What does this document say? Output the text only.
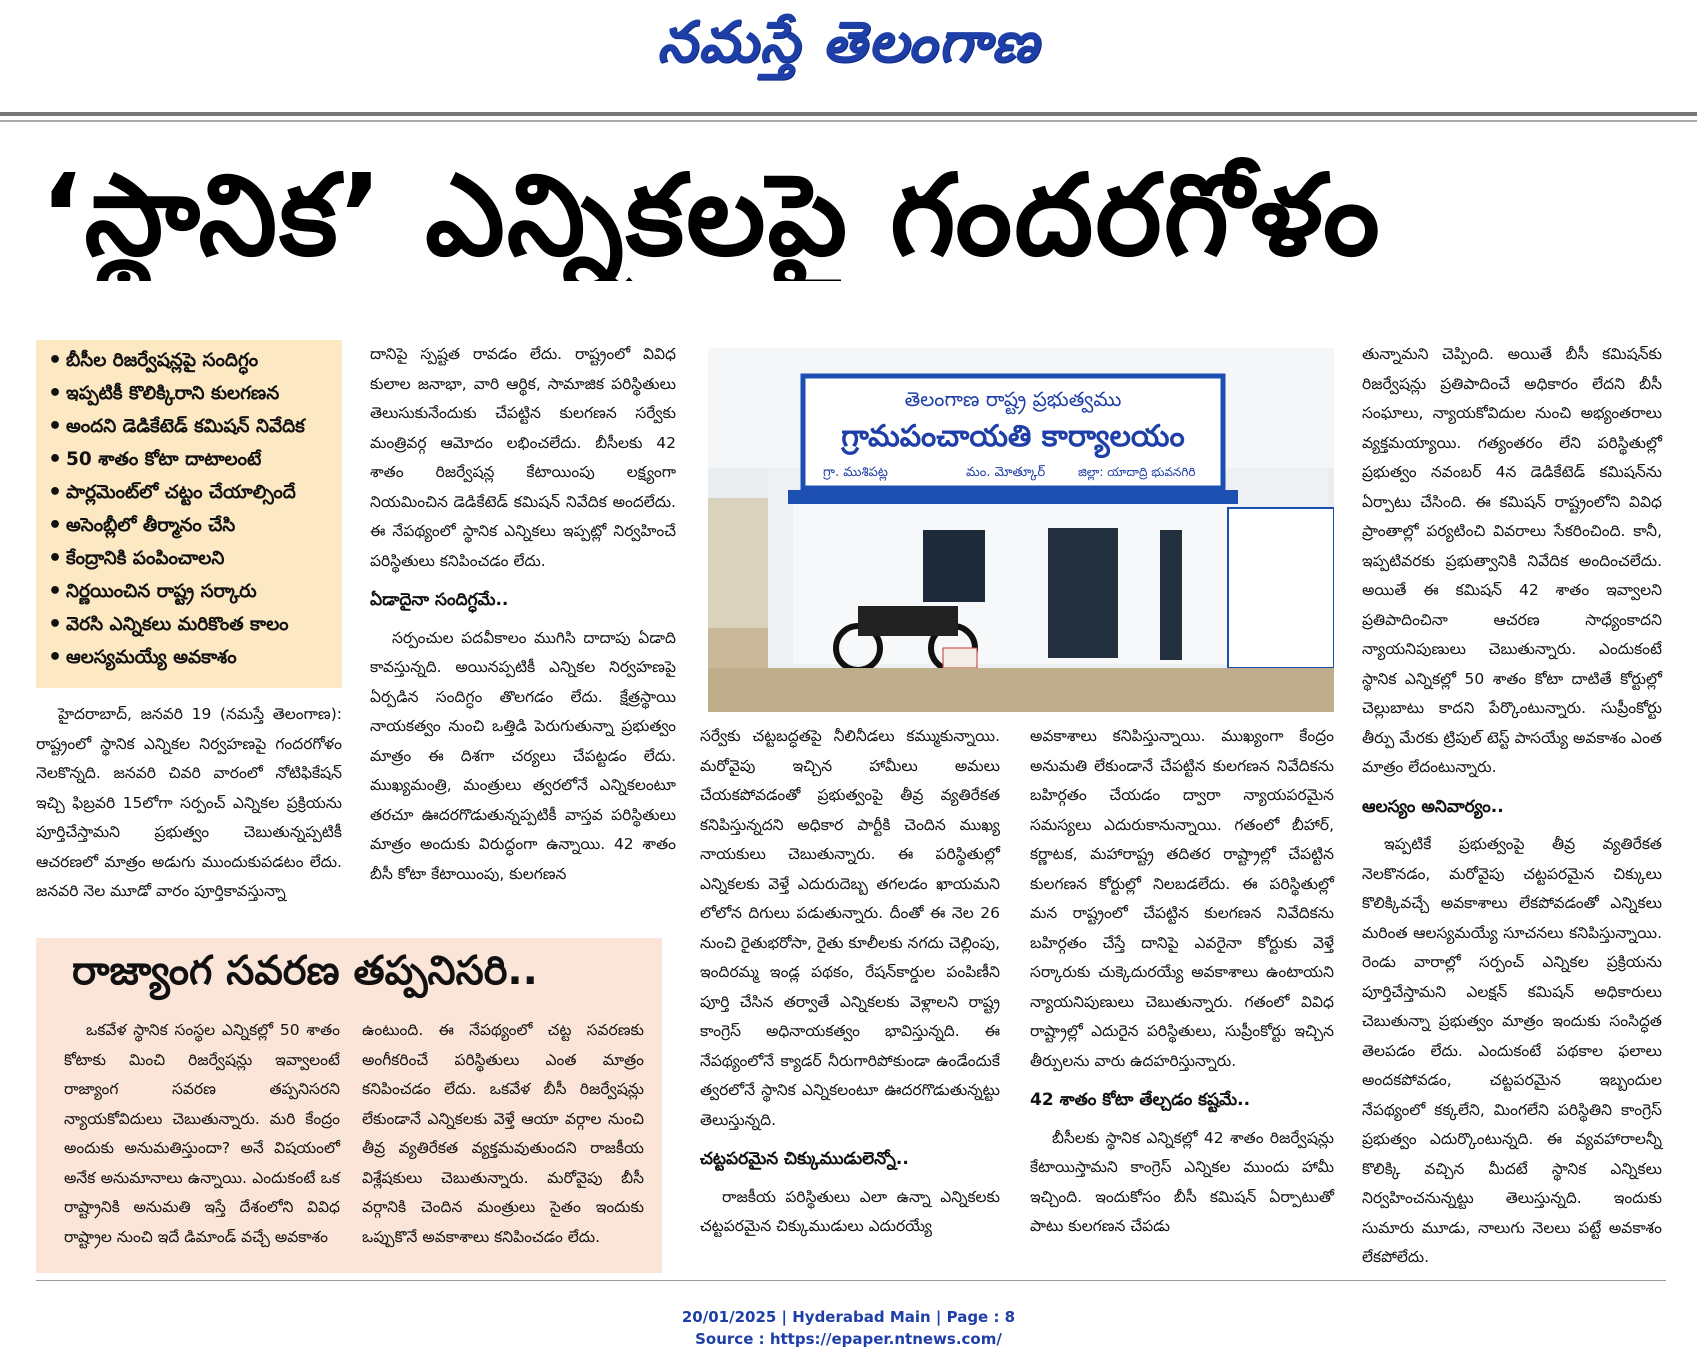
నమస్తే తెలంగాణ
‘స్థానిక’ ఎన్నికలపై గందరగోళం
• బీసీల రిజర్వేషన్లపై సందిగ్ధం
• ఇప్పటికీ కొలిక్కిరాని కులగణన
• అందని డెడికేటెడ్ కమిషన్ నివేదిక
• 50 శాతం కోటా దాటాలంటే
• పార్లమెంట్‌లో చట్టం చేయాల్సిందే
• అసెంబ్లీలో తీర్మానం చేసి
• కేంద్రానికి పంపించాలని
• నిర్ణయించిన రాష్ట్ర సర్కారు
• వెరసి ఎన్నికలు మరికొంత కాలం
• ఆలస్యమయ్యే అవకాశం

హైదరాబాద్, జనవరి 19 (నమస్తే తెలంగాణ): రాష్ట్రంలో స్థానిక ఎన్నికల నిర్వహణపై గందరగోళం నెలకొన్నది. జనవరి చివరి వారంలో నోటిఫికేషన్ ఇచ్చి ఫిబ్రవరి 15లోగా సర్పంచ్ ఎన్నికల ప్రక్రియను పూర్తిచేస్తామని ప్రభుత్వం చెబుతున్నప్పటికీ ఆచరణలో మాత్రం అడుగు ముందుకుపడటం లేదు. జనవరి నెల మూడో వారం పూర్తికావస్తున్నా

దానిపై స్పష్టత రావడం లేదు. రాష్ట్రంలో వివిధ కులాల జనాభా, వారి ఆర్థిక, సామాజిక పరిస్థితులు తెలుసుకునేందుకు చేపట్టిన కులగణన సర్వేకు మంత్రివర్గ ఆమోదం లభించలేదు. బీసీలకు 42 శాతం రిజర్వేషన్ల కేటాయింపు లక్ష్యంగా నియమించిన డెడికేటెడ్ కమిషన్ నివేదిక అందలేదు. ఈ నేపథ్యంలో స్థానిక ఎన్నికలు ఇప్పట్లో నిర్వహించే పరిస్థితులు కనిపించడం లేదు.

ఏడాదైనా సందిగ్ధమే..

సర్పంచుల పదవీకాలం ముగిసి దాదాపు ఏడాది కావస్తున్నది. అయినప్పటికీ ఎన్నికల నిర్వహణపై ఏర్పడిన సందిగ్ధం తొలగడం లేదు. క్షేత్రస్థాయి నాయకత్వం నుంచి ఒత్తిడి పెరుగుతున్నా ప్రభుత్వం మాత్రం ఈ దిశగా చర్యలు చేపట్టడం లేదు. ముఖ్యమంత్రి, మంత్రులు త్వరలోనే ఎన్నికలంటూ తరచూ ఊదరగొడుతున్నప్పటికీ వాస్తవ పరిస్థితులు మాత్రం అందుకు విరుద్ధంగా ఉన్నాయి. 42 శాతం బీసీ కోటా కేటాయింపు, కులగణన

తెలంగాణ రాష్ట్ర ప్రభుత్వము
గ్రామపంచాయతి కార్యాలయం
గ్రా. ముశిపట్ల	మం. మోత్కూర్	జిల్లా: యాదాద్రి భువనగిరి

సర్వేకు చట్టబద్ధతపై నీలినీడలు కమ్ముకున్నాయి. మరోవైపు ఇచ్చిన హామీలు అమలు చేయకపోవడంతో ప్రభుత్వంపై తీవ్ర వ్యతిరేకత కనిపిస్తున్నదని అధికార పార్టీకి చెందిన ముఖ్య నాయకులు చెబుతున్నారు. ఈ పరిస్థితుల్లో ఎన్నికలకు వెళ్తే ఎదురుదెబ్బ తగలడం ఖాయమని లోలోన దిగులు పడుతున్నారు. దీంతో ఈ నెల 26 నుంచి రైతుభరోసా, రైతు కూలీలకు నగదు చెల్లింపు, ఇందిరమ్మ ఇండ్ల పథకం, రేషన్‌కార్డుల పంపిణీని పూర్తి చేసిన తర్వాతే ఎన్నికలకు వెళ్లాలని రాష్ట్ర కాంగ్రెస్ అధినాయకత్వం భావిస్తున్నది. ఈ నేపథ్యంలోనే క్యాడర్ నీరుగారిపోకుండా ఉండేందుకే త్వరలోనే స్థానిక ఎన్నికలంటూ ఊదరగొడుతున్నట్టు తెలుస్తున్నది.

చట్టపరమైన చిక్కుముడులెన్నో..

రాజకీయ పరిస్థితులు ఎలా ఉన్నా ఎన్నికలకు చట్టపరమైన చిక్కుముడులు ఎదురయ్యే

అవకాశాలు కనిపిస్తున్నాయి. ముఖ్యంగా కేంద్రం అనుమతి లేకుండానే చేపట్టిన కులగణన నివేదికను బహిర్గతం చేయడం ద్వారా న్యాయపరమైన సమస్యలు ఎదురుకానున్నాయి. గతంలో బీహార్, కర్ణాటక, మహారాష్ట్ర తదితర రాష్ట్రాల్లో చేపట్టిన కులగణన కోర్టుల్లో నిలబడలేదు. ఈ పరిస్థితుల్లో మన రాష్ట్రంలో చేపట్టిన కులగణన నివేదికను బహిర్గతం చేస్తే దానిపై ఎవరైనా కోర్టుకు వెళ్తే సర్కారుకు చుక్కెదురయ్యే అవకాశాలు ఉంటాయని న్యాయనిపుణులు చెబుతున్నారు. గతంలో వివిధ రాష్ట్రాల్లో ఎదురైన పరిస్థితులు, సుప్రీంకోర్టు ఇచ్చిన తీర్పులను వారు ఉదహరిస్తున్నారు.

42 శాతం కోటా తేల్చడం కష్టమే..

బీసీలకు స్థానిక ఎన్నికల్లో 42 శాతం రిజర్వేషన్లు కేటాయిస్తామని కాంగ్రెస్ ఎన్నికల ముందు హామీ ఇచ్చింది. ఇందుకోసం బీసీ కమిషన్ ఏర్పాటుతో పాటు కులగణన చేపడు

తున్నామని చెప్పింది. అయితే బీసీ కమిషన్‌కు రిజర్వేషన్లు ప్రతిపాదించే అధికారం లేదని బీసీ సంఘాలు, న్యాయకోవిదుల నుంచి అభ్యంతరాలు వ్యక్తమయ్యాయి. గత్యంతరం లేని పరిస్థితుల్లో ప్రభుత్వం నవంబర్ 4న డెడికేటెడ్ కమిషన్‌ను ఏర్పాటు చేసింది. ఈ కమిషన్ రాష్ట్రంలోని వివిధ ప్రాంతాల్లో పర్యటించి వివరాలు సేకరించింది. కానీ, ఇప్పటివరకు ప్రభుత్వానికి నివేదిక అందించలేదు. అయితే ఈ కమిషన్ 42 శాతం ఇవ్వాలని ప్రతిపాదించినా ఆచరణ సాధ్యంకాదని న్యాయనిపుణులు చెబుతున్నారు. ఎందుకంటే స్థానిక ఎన్నికల్లో 50 శాతం కోటా దాటితే కోర్టుల్లో చెల్లుబాటు కాదని పేర్కొంటున్నారు. సుప్రీంకోర్టు తీర్పు మేరకు ట్రిపుల్ టెస్ట్ పాసయ్యే అవకాశం ఎంత మాత్రం లేదంటున్నారు.

ఆలస్యం అనివార్యం..

ఇప్పటికే ప్రభుత్వంపై తీవ్ర వ్యతిరేకత నెలకొనడం, మరోవైపు చట్టపరమైన చిక్కులు కొలిక్కివచ్చే అవకాశాలు లేకపోవడంతో ఎన్నికలు మరింత ఆలస్యమయ్యే సూచనలు కనిపిస్తున్నాయి. రెండు వారాల్లో సర్పంచ్ ఎన్నికల ప్రక్రియను పూర్తిచేస్తామని ఎలక్షన్ కమిషన్ అధికారులు చెబుతున్నా ప్రభుత్వం మాత్రం ఇందుకు సంసిద్ధత తెలపడం లేదు. ఎందుకంటే పథకాల ఫలాలు అందకపోవడం, చట్టపరమైన ఇబ్బందుల నేపథ్యంలో కక్కలేని, మింగలేని పరిస్థితిని కాంగ్రెస్ ప్రభుత్వం ఎదుర్కొంటున్నది. ఈ వ్యవహారాలన్నీ కొలిక్కి వచ్చిన మీదటే స్థానిక ఎన్నికలు నిర్వహించనున్నట్టు తెలుస్తున్నది. ఇందుకు సుమారు మూడు, నాలుగు నెలలు పట్టే అవకాశం లేకపోలేదు.

రాజ్యాంగ సవరణ తప్పనిసరి..

ఒకవేళ స్థానిక సంస్థల ఎన్నికల్లో 50 శాతం కోటాకు మించి రిజర్వేషన్లు ఇవ్వాలంటే రాజ్యాంగ సవరణ తప్పనిసరని న్యాయకోవిదులు చెబుతున్నారు. మరి కేంద్రం అందుకు అనుమతిస్తుందా? అనే విషయంలో అనేక అనుమానాలు ఉన్నాయి. ఎందుకంటే ఒక రాష్ట్రానికి అనుమతి ఇస్తే దేశంలోని వివిధ రాష్ట్రాల నుంచి ఇదే డిమాండ్ వచ్చే అవకాశం

ఉంటుంది. ఈ నేపథ్యంలో చట్ట సవరణకు అంగీకరించే పరిస్థితులు ఎంత మాత్రం కనిపించడం లేదు. ఒకవేళ బీసీ రిజర్వేషన్లు లేకుండానే ఎన్నికలకు వెళ్తే ఆయా వర్గాల నుంచి తీవ్ర వ్యతిరేకత వ్యక్తమవుతుందని రాజకీయ విశ్లేషకులు చెబుతున్నారు. మరోవైపు బీసీ వర్గానికి చెందిన మంత్రులు సైతం ఇందుకు ఒప్పుకొనే అవకాశాలు కనిపించడం లేదు.

20/01/2025 | Hyderabad Main | Page : 8
Source : https://epaper.ntnews.com/
